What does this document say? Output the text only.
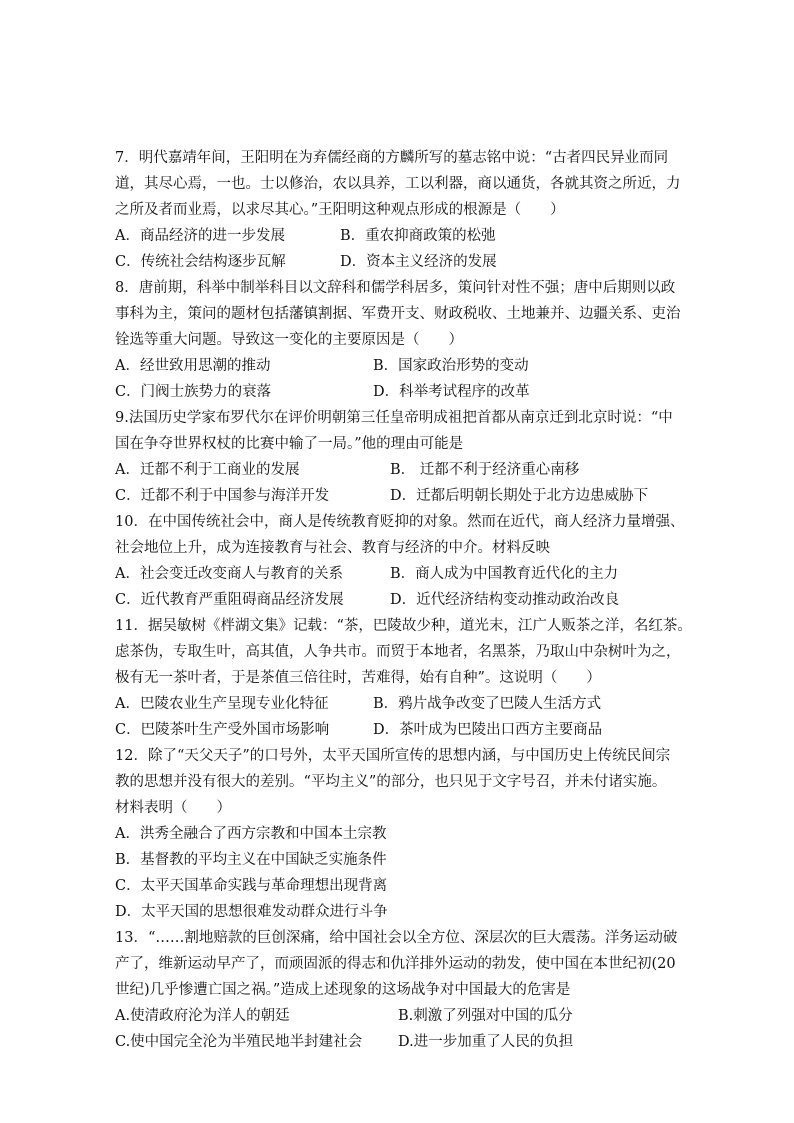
7．明代嘉靖年间，王阳明在为弃儒经商的方麟所写的墓志铭中说：“古者四民异业而同
道，其尽心焉，一也。士以修治，农以具养，工以利器，商以通货，各就其资之所近，力
之所及者而业焉，以求尽其心。”王阳明这种观点形成的根源是（　　）
A．商品经济的进一步发展	B．重农抑商政策的松弛
C．传统社会结构逐步瓦解	D．资本主义经济的发展
8．唐前期，科举中制举科目以文辞科和儒学科居多，策问针对性不强；唐中后期则以政
事科为主，策问的题材包括藩镇割据、军费开支、财政税收、土地兼并、边疆关系、吏治
铨选等重大问题。导致这一变化的主要原因是（　　）
A．经世致用思潮的推动	B．国家政治形势的变动
C．门阀士族势力的衰落	D．科举考试程序的改革
9.法国历史学家布罗代尔在评价明朝第三任皇帝明成祖把首都从南京迁到北京时说：“中
国在争夺世界权杖的比赛中输了一局。”他的理由可能是
A．迁都不利于工商业的发展	B． 迁都不利于经济重心南移
C．迁都不利于中国参与海洋开发	D．迁都后明朝长期处于北方边患威胁下
10．在中国传统社会中，商人是传统教育贬抑的对象。然而在近代，商人经济力量增强、
社会地位上升，成为连接教育与社会、教育与经济的中介。材料反映
A．社会变迁改变商人与教育的关系	B．商人成为中国教育近代化的主力
C．近代教育严重阻碍商品经济发展	D．近代经济结构变动推动政治改良
11．据吴敏树《柈湖文集》记载：“茶，巴陵故少种，道光末，江广人贩茶之洋，名红茶。
虑茶伪，专取生叶，高其值，人争共市。而贸于本地者，名黑茶，乃取山中杂树叶为之，
极有无一茶叶者，于是茶值三倍往时，苦难得，始有自种”。这说明（　　）
A．巴陵农业生产呈现专业化特征	B．鸦片战争改变了巴陵人生活方式
C．巴陵茶叶生产受外国市场影响	D．茶叶成为巴陵出口西方主要商品
12．除了“天父天子”的口号外，太平天国所宣传的思想内涵，与中国历史上传统民间宗
教的思想并没有很大的差别。“平均主义”的部分，也只见于文字号召，并未付诸实施。
材料表明（　　）
A．洪秀全融合了西方宗教和中国本土宗教
B．基督教的平均主义在中国缺乏实施条件
C．太平天国革命实践与革命理想出现背离
D．太平天国的思想很难发动群众进行斗争
13．“……割地赔款的巨创深痛，给中国社会以全方位、深层次的巨大震荡。洋务运动破
产了，维新运动早产了，而顽固派的得志和仇洋排外运动的勃发，使中国在本世纪初(20
世纪)几乎惨遭亡国之祸。”造成上述现象的这场战争对中国最大的危害是
A.使清政府沦为洋人的朝廷	B.刺激了列强对中国的瓜分
C.使中国完全沦为半殖民地半封建社会 D.进一步加重了人民的负担
